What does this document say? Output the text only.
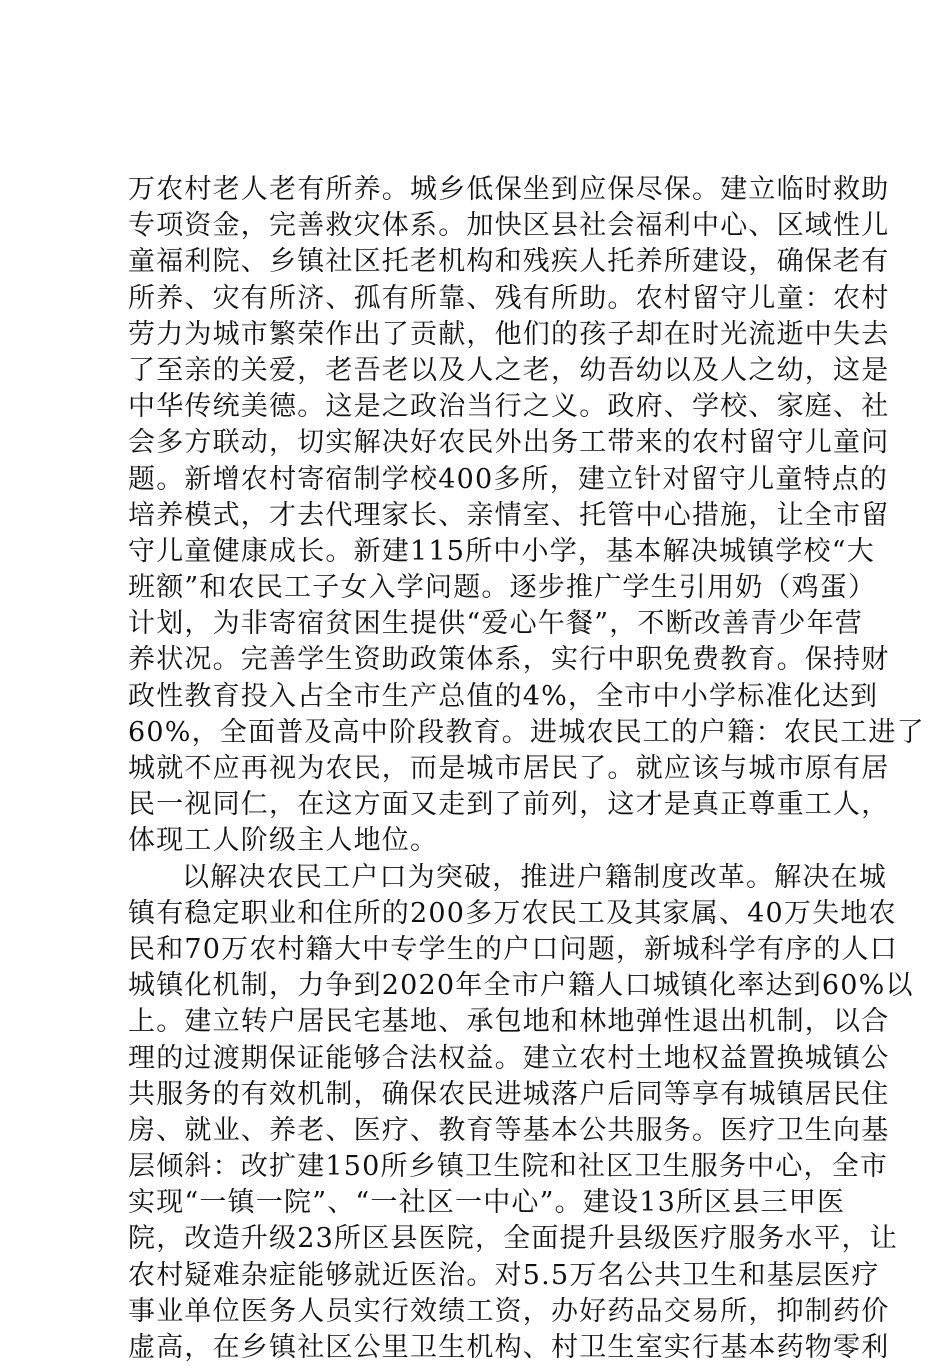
万农村老人老有所养。城乡低保坐到应保尽保。建立临时救助
专项资金，完善救灾体系。加快区县社会福利中心、区域性儿
童福利院、乡镇社区托老机构和残疾人托养所建设，确保老有
所养、灾有所济、孤有所靠、残有所助。农村留守儿童：农村
劳力为城市繁荣作出了贡献，他们的孩子却在时光流逝中失去
了至亲的关爱，老吾老以及人之老，幼吾幼以及人之幼，这是
中华传统美德。这是之政治当行之义。政府、学校、家庭、社
会多方联动，切实解决好农民外出务工带来的农村留守儿童问
题。新增农村寄宿制学校400多所，建立针对留守儿童特点的
培养模式，才去代理家长、亲情室、托管中心措施，让全市留
守儿童健康成长。新建115所中小学，基本解决城镇学校“大
班额”和农民工子女入学问题。逐步推广学生引用奶（鸡蛋）
计划，为非寄宿贫困生提供“爱心午餐”，不断改善青少年营
养状况。完善学生资助政策体系，实行中职免费教育。保持财
政性教育投入占全市生产总值的4%，全市中小学标准化达到
60%，全面普及高中阶段教育。进城农民工的户籍：农民工进了
城就不应再视为农民，而是城市居民了。就应该与城市原有居
民一视同仁，在这方面又走到了前列，这才是真正尊重工人，
体现工人阶级主人地位。
以解决农民工户口为突破，推进户籍制度改革。解决在城
镇有稳定职业和住所的200多万农民工及其家属、40万失地农
民和70万农村籍大中专学生的户口问题，新城科学有序的人口
城镇化机制，力争到2020年全市户籍人口城镇化率达到60%以
上。建立转户居民宅基地、承包地和林地弹性退出机制，以合
理的过渡期保证能够合法权益。建立农村土地权益置换城镇公
共服务的有效机制，确保农民进城落户后同等享有城镇居民住
房、就业、养老、医疗、教育等基本公共服务。医疗卫生向基
层倾斜：改扩建150所乡镇卫生院和社区卫生服务中心，全市
实现“一镇一院”、“一社区一中心”。建设13所区县三甲医
院，改造升级23所区县医院，全面提升县级医疗服务水平，让
农村疑难杂症能够就近医治。对5.5万名公共卫生和基层医疗
事业单位医务人员实行效绩工资，办好药品交易所，抑制药价
虚高，在乡镇社区公里卫生机构、村卫生室实行基本药物零利
